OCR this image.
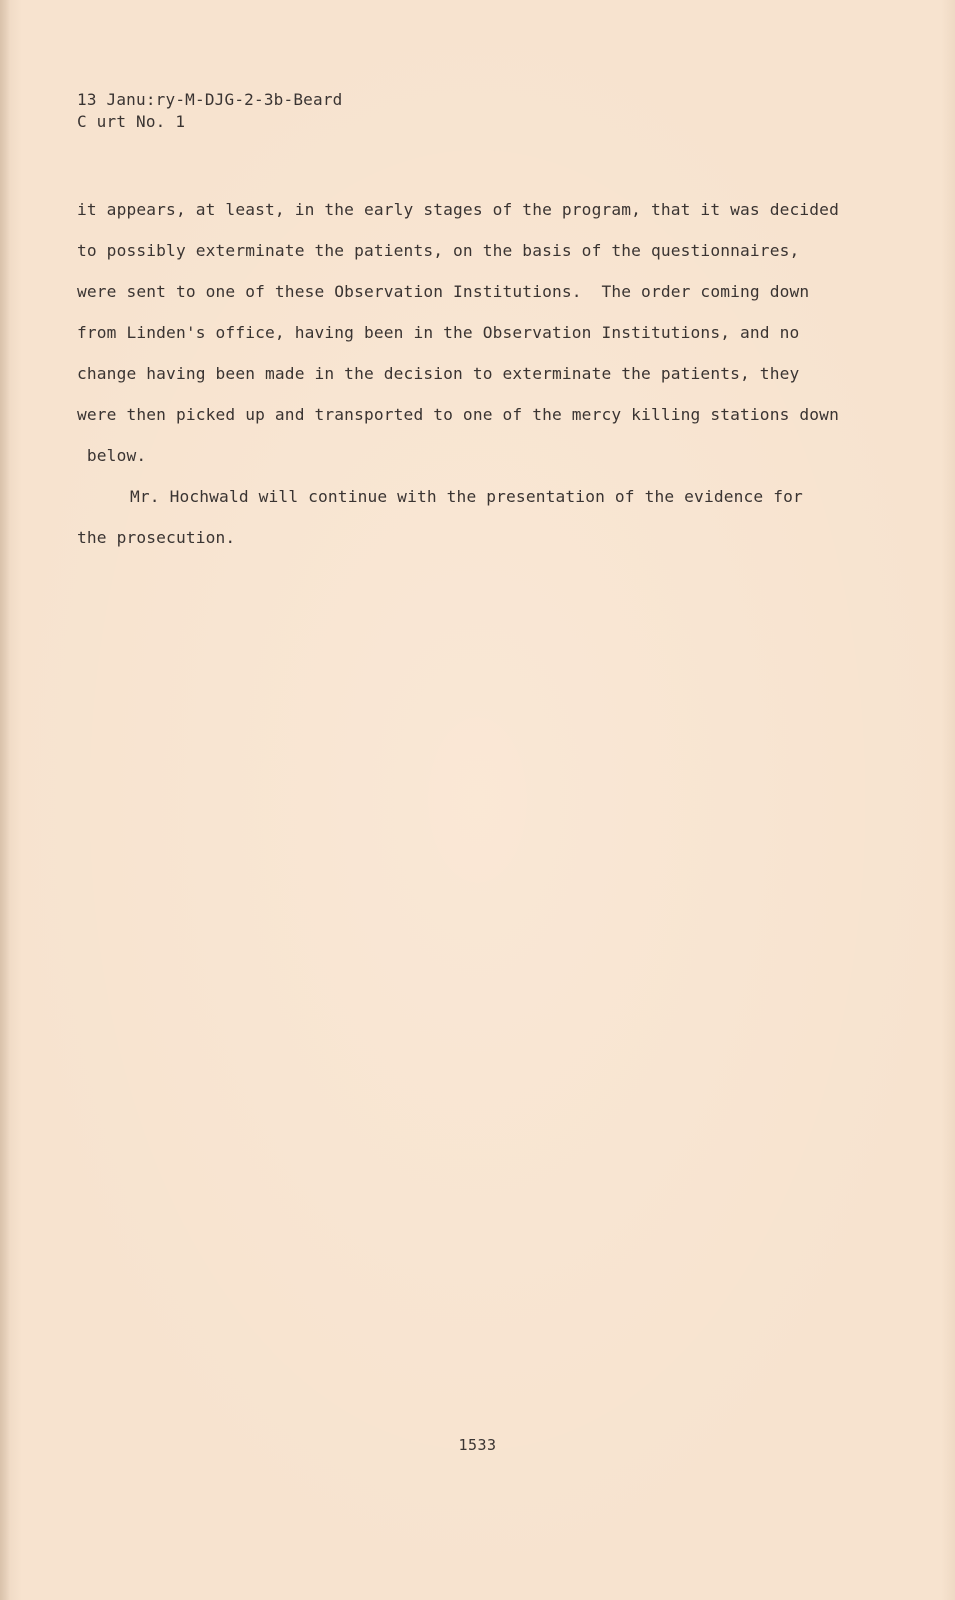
13 Janu:ry-M-DJG-2-3b-Beard
C urt No. 1
it appears, at least, in the early stages of the program, that it was decided
to possibly exterminate the patients, on the basis of the questionnaires,
were sent to one of these Observation Institutions.  The order coming down
from Linden's office, having been in the Observation Institutions, and no
change having been made in the decision to exterminate the patients, they
were then picked up and transported to one of the mercy killing stations down
below.
Mr. Hochwald will continue with the presentation of the evidence for
the prosecution.
1533
